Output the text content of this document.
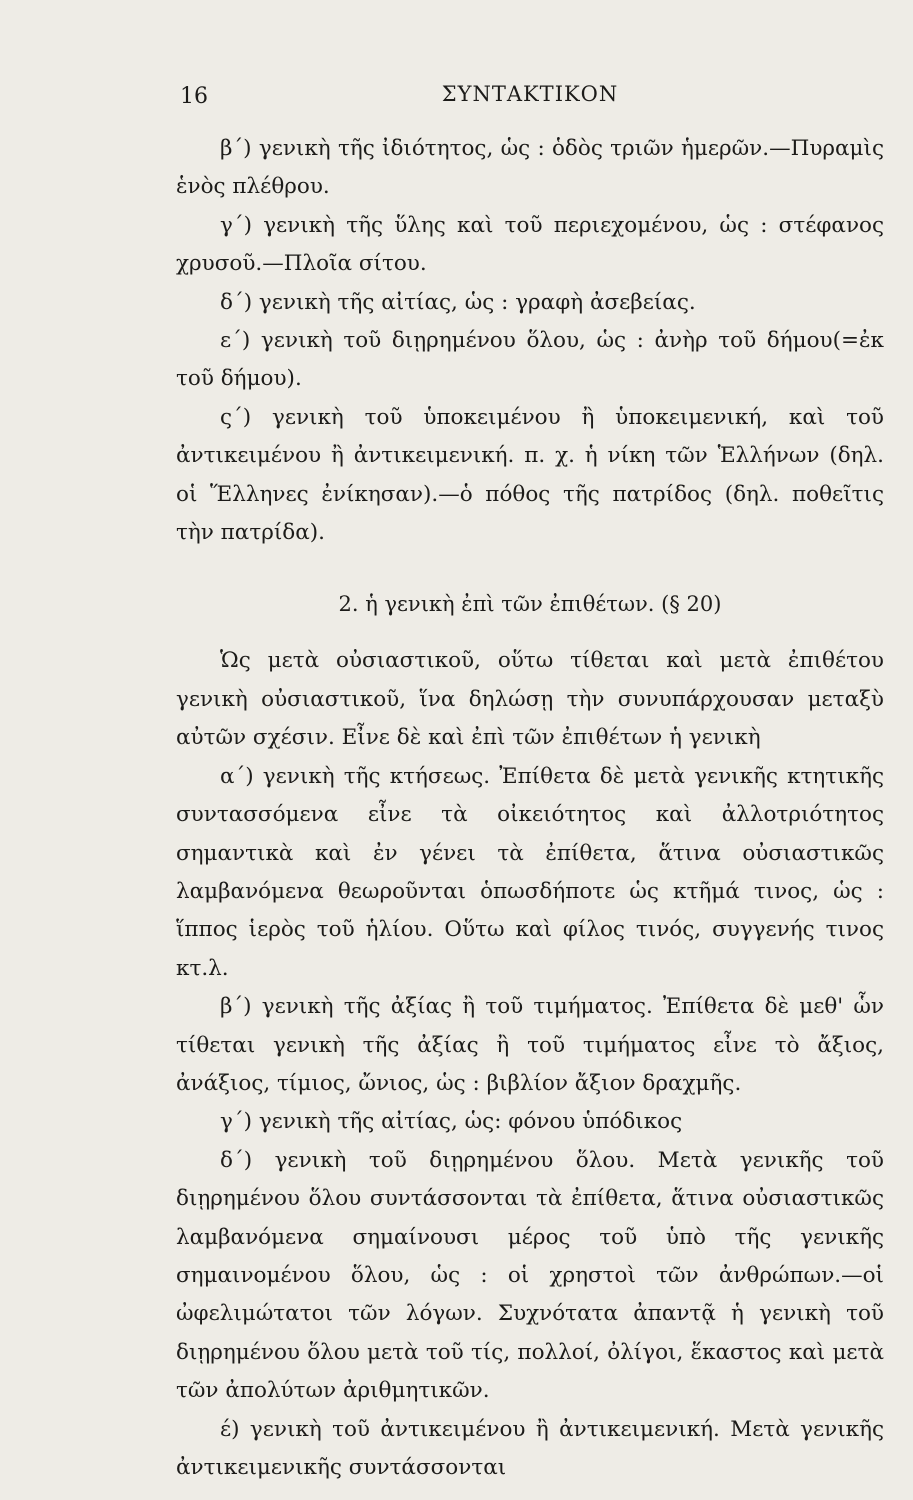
16	ΣΥΝΤΑΚΤΙΚΟΝ

β΄) γενικὴ τῆς ἰδιότητος, ὡς : ὁδὸς τριῶν ἡμερῶν.—Πυραμὶς ἑνὸς πλέθρου.

γ΄) γενικὴ τῆς ὕλης καὶ τοῦ περιεχομένου, ὡς : στέφανος χρυσοῦ.—Πλοῖα σίτου.

δ΄) γενικὴ τῆς αἰτίας, ὡς : γραφὴ ἀσεβείας.

ε΄) γενικὴ τοῦ διῃρημένου ὅλου, ὡς : ἀνὴρ τοῦ δήμου(=ἐκ τοῦ δήμου).

ς΄) γενικὴ τοῦ ὑποκειμένου ἢ ὑποκειμενική, καὶ τοῦ ἀντικειμένου ἢ ἀντικειμενική. π. χ. ἡ νίκη τῶν Ἑλλήνων (δηλ. οἱ Ἕλληνες ἐνίκησαν).—ὁ πόθος τῆς πατρίδος (δηλ. ποθεῖτις τὴν πατρίδα).

2. ἡ γενικὴ ἐπὶ τῶν ἐπιθέτων. (§ 20)

Ὡς μετὰ οὐσιαστικοῦ, οὕτω τίθεται καὶ μετὰ ἐπιθέτου γενικὴ οὐσιαστικοῦ, ἵνα δηλώσῃ τὴν συνυπάρχουσαν μεταξὺ αὐτῶν σχέσιν. Εἶνε δὲ καὶ ἐπὶ τῶν ἐπιθέτων ἡ γενικὴ

α΄) γενικὴ τῆς κτήσεως. Ἐπίθετα δὲ μετὰ γενικῆς κτητικῆς συντασσόμενα εἶνε τὰ οἰκειότητος καὶ ἀλλοτριότητος σημαντικὰ καὶ ἐν γένει τὰ ἐπίθετα, ἅτινα οὐσιαστικῶς λαμβανόμενα θεωροῦνται ὁπωσδήποτε ὡς κτῆμά τινος, ὡς : ἵππος ἱερὸς τοῦ ἡλίου. Οὕτω καὶ φίλος τινός, συγγενής τινος κτ.λ.

β΄) γενικὴ τῆς ἀξίας ἢ τοῦ τιμήματος. Ἐπίθετα δὲ μεθ' ὧν τίθεται γενικὴ τῆς ἀξίας ἢ τοῦ τιμήματος εἶνε τὸ ἄξιος, ἀνάξιος, τίμιος, ὤνιος, ὡς : βιβλίον ἄξιον δραχμῆς.

γ΄) γενικὴ τῆς αἰτίας, ὡς: φόνου ὑπόδικος

δ΄) γενικὴ τοῦ διῃρημένου ὅλου. Μετὰ γενικῆς τοῦ διῃρημένου ὅλου συντάσσονται τὰ ἐπίθετα, ἅτινα οὐσιαστικῶς λαμβανόμενα σημαίνουσι μέρος τοῦ ὑπὸ τῆς γενικῆς σημαινομένου ὅλου, ὡς : οἱ χρηστοὶ τῶν ἀνθρώπων.—οἱ ὠφελιμώτατοι τῶν λόγων. Συχνότατα ἀπαντᾷ ἡ γενικὴ τοῦ διῃρημένου ὅλου μετὰ τοῦ τίς, πολλοί, ὀλίγοι, ἕκαστος καὶ μετὰ τῶν ἀπολύτων ἀριθμητικῶν.

έ) γενικὴ τοῦ ἀντικειμένου ἢ ἀντικειμενική. Μετὰ γενικῆς ἀντικειμενικῆς συντάσσονται
